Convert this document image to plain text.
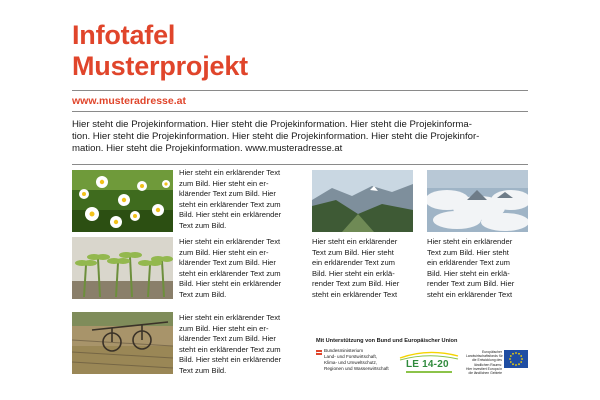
Infotafel
Musterprojekt
www.musteradresse.at
Hier steht die Projekinformation. Hier steht die Projekinformation. Hier steht die Projekinforma-
tion. Hier steht die Projekinformation. Hier steht die Projekinformation. Hier steht die Projekinfor-
mation. Hier steht die Projekinformation. www.musteradresse.at
Hier steht ein erklärender Text
zum Bild. Hier steht ein er-
klärender Text zum Bild. Hier
steht ein erklärender Text zum
Bild. Hier steht ein erklärender
Text zum Bild.
Hier steht ein erklärender Text
zum Bild. Hier steht ein er-
klärender Text zum Bild. Hier
steht ein erklärender Text zum
Bild. Hier steht ein erklärender
Text zum Bild.
Hier steht ein erklärender Text
zum Bild. Hier steht ein er-
klärender Text zum Bild. Hier
steht ein erklärender Text zum
Bild. Hier steht ein erklärender
Text zum Bild.
Hier steht ein erklärender
Text zum Bild. Hier steht
ein erklärender Text zum
Bild. Hier steht ein erklä-
render Text zum Bild. Hier
steht ein erklärender Text
Hier steht ein erklärender
Text zum Bild. Hier steht
ein erklärender Text zum
Bild. Hier steht ein erklä-
render Text zum Bild. Hier
steht ein erklärender Text
Mit Unterstützung von Bund und Europäischer Union
Bundesministerium
Land- und Forstwirtschaft,
Klima- und Umweltschutz,
Regionen und Wasserwirtschaft LE 14-20
Europäischer
Landwirtschaftsfonds für
die Entwicklung des
ländlichen Raums:
Hier investiert Europa in
die ländlichen Gebiete
